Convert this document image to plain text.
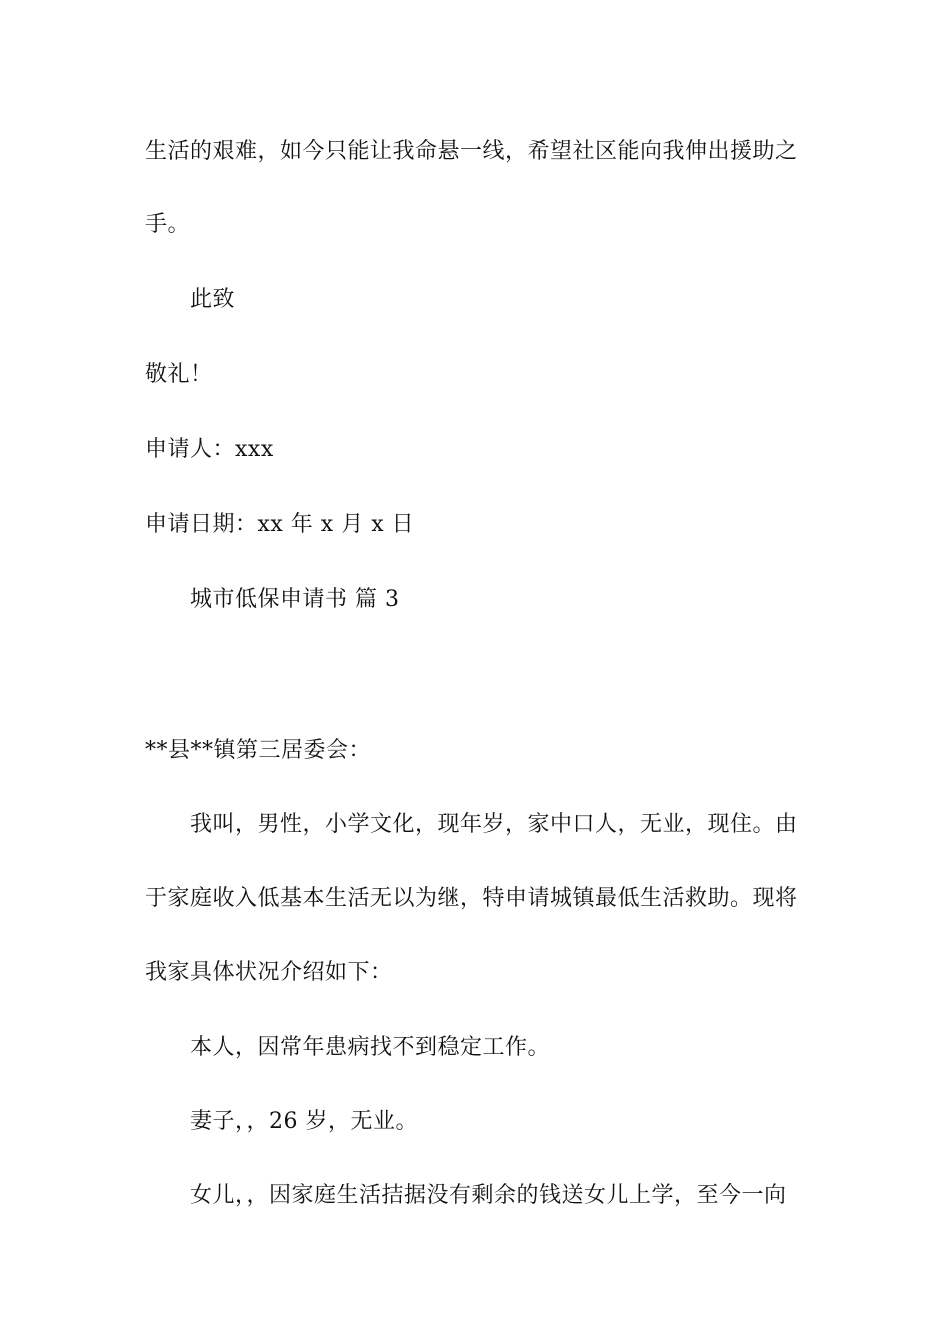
生活的艰难，如今只能让我命悬一线，希望社区能向我伸出援助之
手。
此致
敬礼！
申请人：xxx
申请日期：xx 年 x 月 x 日
城市低保申请书 篇 3
**县**镇第三居委会：
我叫，男性，小学文化，现年岁，家中口人，无业，现住。由
于家庭收入低基本生活无以为继，特申请城镇最低生活救助。现将
我家具体状况介绍如下：
本人，因常年患病找不到稳定工作。
妻子，，26 岁，无业。
女儿，，因家庭生活拮据没有剩余的钱送女儿上学，至今一向
